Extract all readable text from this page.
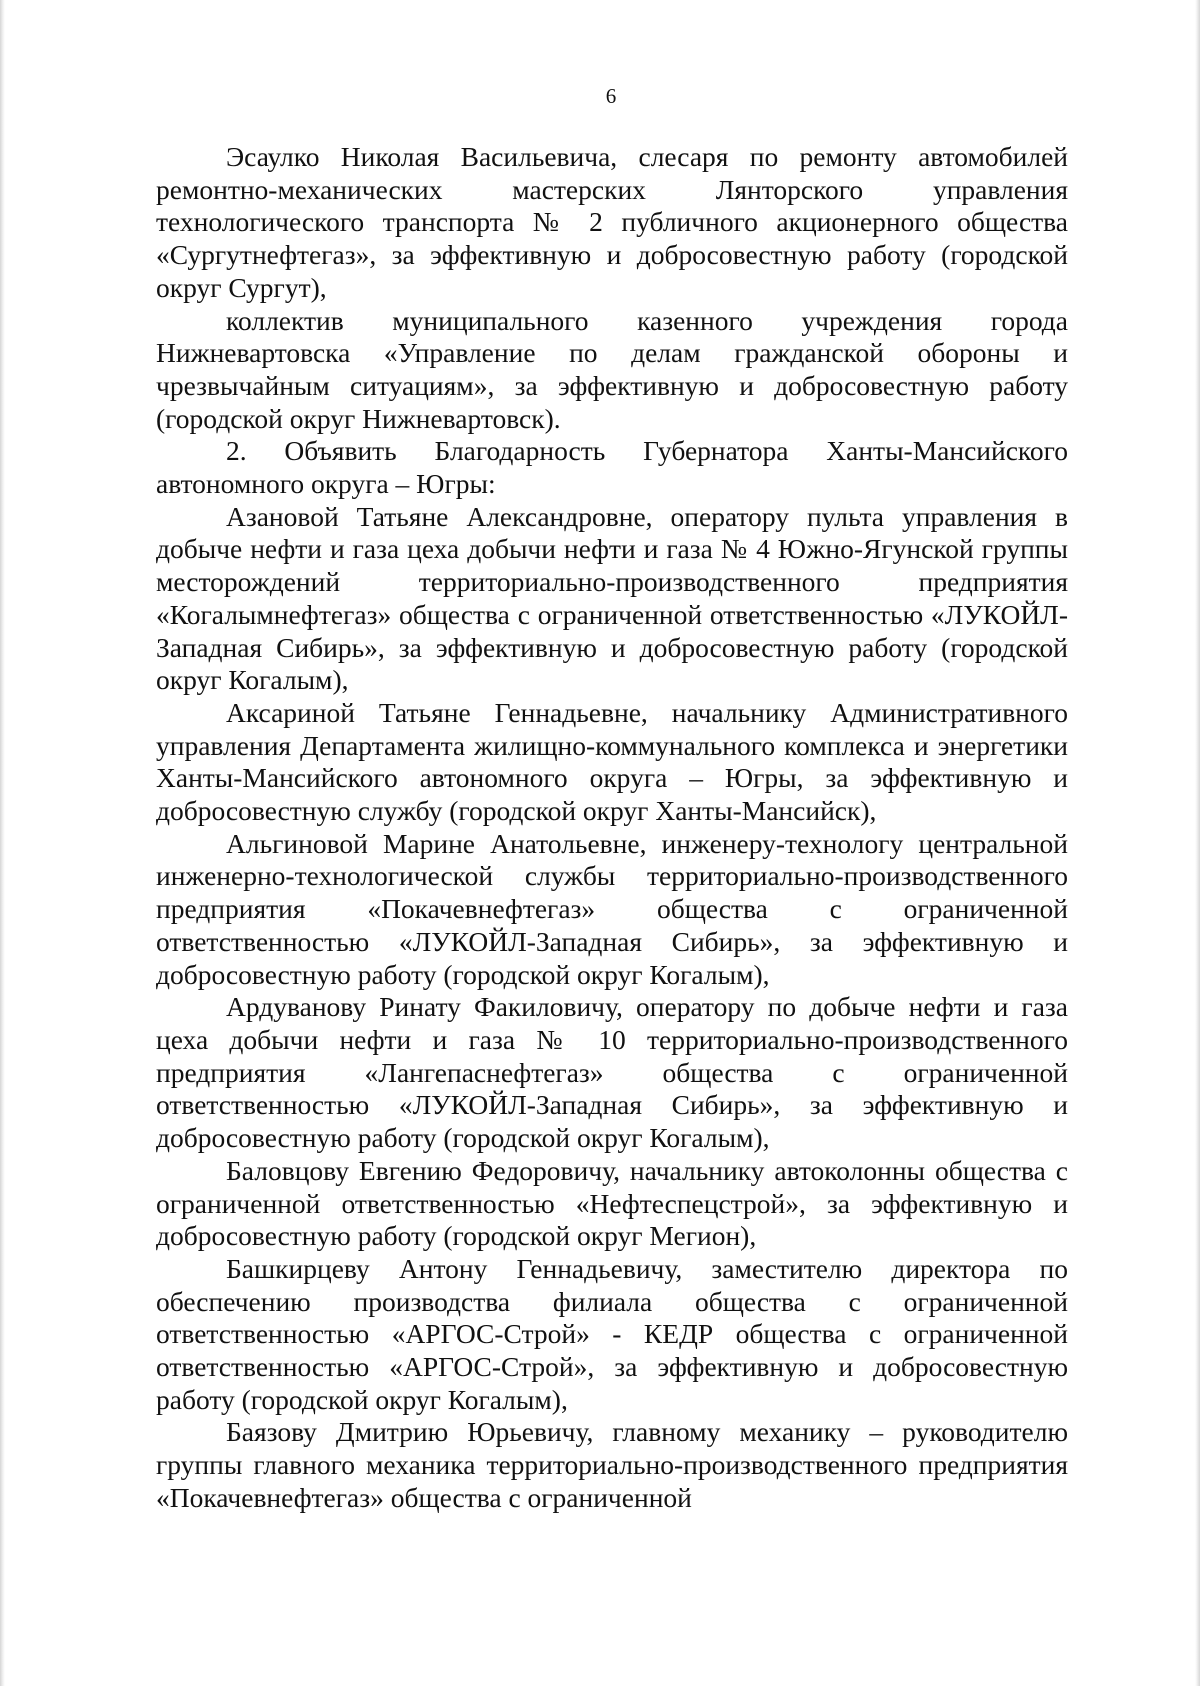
6

Эсаулко Николая Васильевича, слесаря по ремонту автомобилей ремонтно-механических мастерских Лянторского управления технологического транспорта № 2 публичного акционерного общества «Сургутнефтегаз», за эффективную и добросовестную работу (городской округ Сургут),

коллектив муниципального казенного учреждения города Нижневартовска «Управление по делам гражданской обороны и чрезвычайным ситуациям», за эффективную и добросовестную работу (городской округ Нижневартовск).

2. Объявить Благодарность Губернатора Ханты-Мансийского автономного округа – Югры:

Азановой Татьяне Александровне, оператору пульта управления в добыче нефти и газа цеха добычи нефти и газа № 4 Южно-Ягунской группы месторождений территориально-производственного предприятия «Когалымнефтегаз» общества с ограниченной ответственностью «ЛУКОЙЛ-Западная Сибирь», за эффективную и добросовестную работу (городской округ Когалым),

Аксариной Татьяне Геннадьевне, начальнику Административного управления Департамента жилищно-коммунального комплекса и энергетики Ханты-Мансийского автономного округа – Югры, за эффективную и добросовестную службу (городской округ Ханты-Мансийск),

Альгиновой Марине Анатольевне, инженеру-технологу центральной инженерно-технологической службы территориально-производственного предприятия «Покачевнефтегаз» общества с ограниченной ответственностью «ЛУКОЙЛ-Западная Сибирь», за эффективную и добросовестную работу (городской округ Когалым),

Ардуванову Ринату Факиловичу, оператору по добыче нефти и газа цеха добычи нефти и газа № 10 территориально-производственного предприятия «Лангепаснефтегаз» общества с ограниченной ответственностью «ЛУКОЙЛ-Западная Сибирь», за эффективную и добросовестную работу (городской округ Когалым),

Баловцову Евгению Федоровичу, начальнику автоколонны общества с ограниченной ответственностью «Нефтеспецстрой», за эффективную и добросовестную работу (городской округ Мегион),

Башкирцеву Антону Геннадьевичу, заместителю директора по обеспечению производства филиала общества с ограниченной ответственностью «АРГОС-Строй» - КЕДР общества с ограниченной ответственностью «АРГОС-Строй», за эффективную и добросовестную работу (городской округ Когалым),

Баязову Дмитрию Юрьевичу, главному механику – руководителю группы главного механика территориально-производственного предприятия «Покачевнефтегаз» общества с ограниченной
